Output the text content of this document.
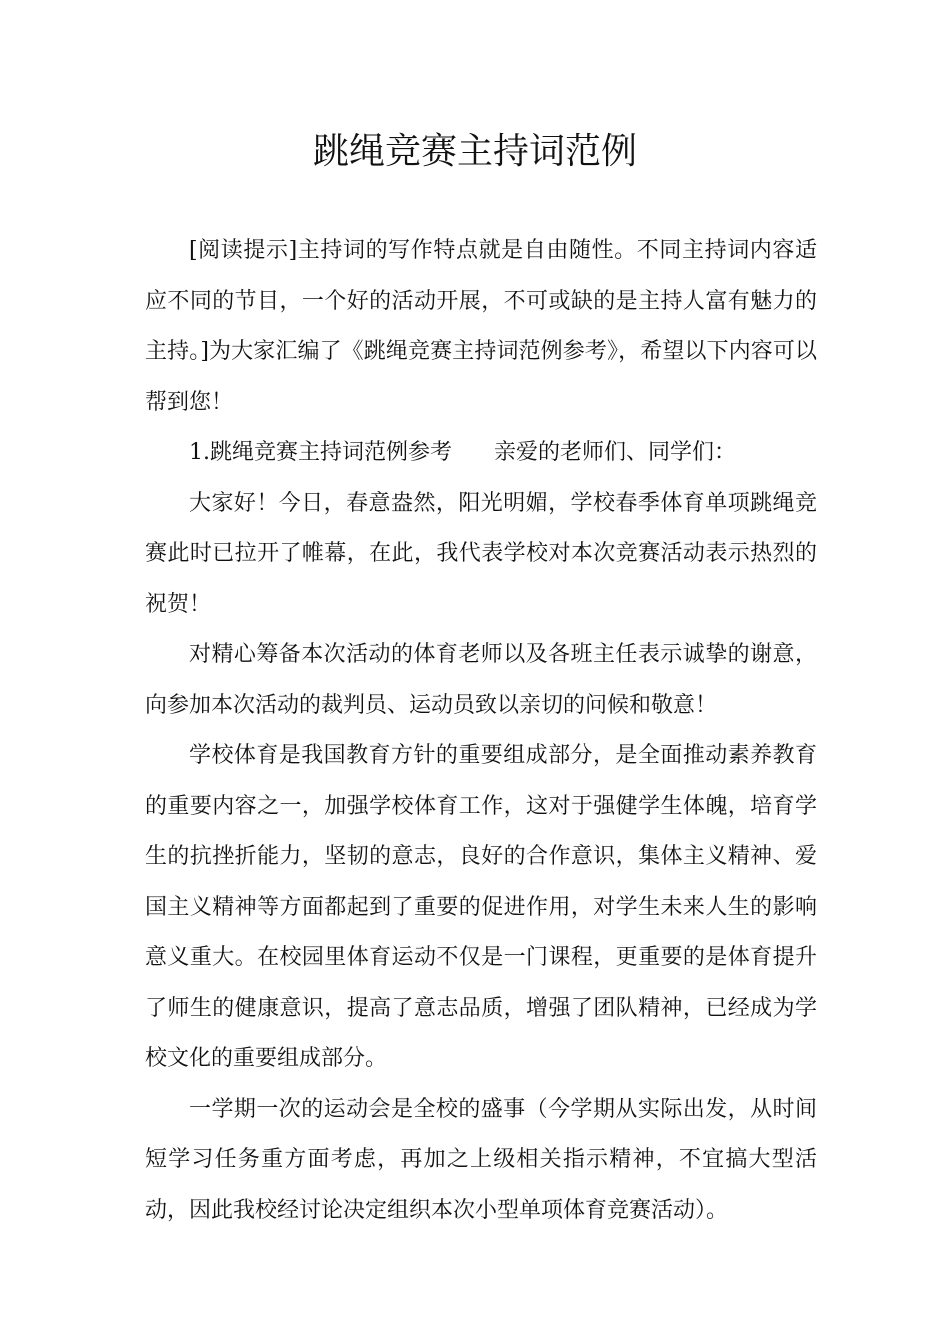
跳绳竞赛主持词范例

[阅读提示]主持词的写作特点就是自由随性。不同主持词内容适应不同的节目，一个好的活动开展，不可或缺的是主持人富有魅力的主持。]为大家汇编了《跳绳竞赛主持词范例参考》，希望以下内容可以帮到您！

1.跳绳竞赛主持词范例参考 亲爱的老师们、同学们：

大家好！今日，春意盎然，阳光明媚，学校春季体育单项跳绳竞赛此时已拉开了帷幕，在此，我代表学校对本次竞赛活动表示热烈的祝贺！

对精心筹备本次活动的体育老师以及各班主任表示诚挚的谢意，向参加本次活动的裁判员、运动员致以亲切的问候和敬意！

学校体育是我国教育方针的重要组成部分，是全面推动素养教育的重要内容之一，加强学校体育工作，这对于强健学生体魄，培育学生的抗挫折能力，坚韧的意志，良好的合作意识，集体主义精神、爱国主义精神等方面都起到了重要的促进作用，对学生未来人生的影响意义重大。在校园里体育运动不仅是一门课程，更重要的是体育提升了师生的健康意识，提高了意志品质，增强了团队精神，已经成为学校文化的重要组成部分。

一学期一次的运动会是全校的盛事（今学期从实际出发，从时间短学习任务重方面考虑，再加之上级相关指示精神，不宜搞大型活动，因此我校经讨论决定组织本次小型单项体育竞赛活动）。
